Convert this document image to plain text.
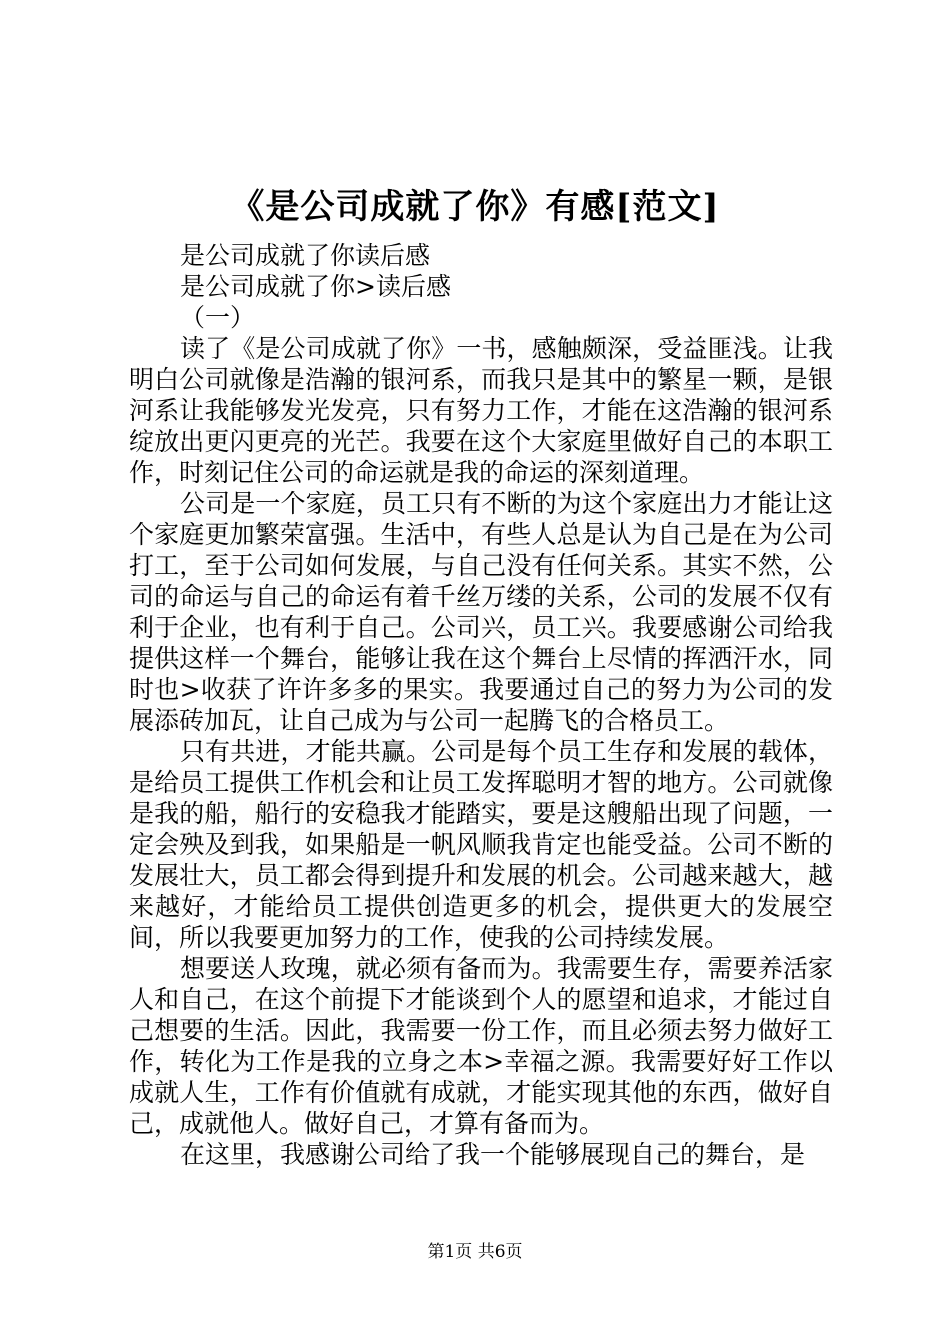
《是公司成就了你》有感[范文]
是公司成就了你读后感
是公司成就了你>读后感
（一）

读了《是公司成就了你》一书，感触颇深，受益匪浅。让我明白公司就像是浩瀚的银河系，而我只是其中的繁星一颗，是银河系让我能够发光发亮，只有努力工作，才能在这浩瀚的银河系绽放出更闪更亮的光芒。我要在这个大家庭里做好自己的本职工作，时刻记住公司的命运就是我的命运的深刻道理。

公司是一个家庭，员工只有不断的为这个家庭出力才能让这个家庭更加繁荣富强。生活中，有些人总是认为自己是在为公司打工，至于公司如何发展，与自己没有任何关系。其实不然，公司的命运与自己的命运有着千丝万缕的关系，公司的发展不仅有利于企业，也有利于自己。公司兴，员工兴。我要感谢公司给我提供这样一个舞台，能够让我在这个舞台上尽情的挥洒汗水，同时也>收获了许许多多的果实。我要通过自己的努力为公司的发展添砖加瓦，让自己成为与公司一起腾飞的合格员工。

只有共进，才能共赢。公司是每个员工生存和发展的载体，是给员工提供工作机会和让员工发挥聪明才智的地方。公司就像是我的船，船行的安稳我才能踏实，要是这艘船出现了问题，一定会殃及到我，如果船是一帆风顺我肯定也能受益。公司不断的发展壮大，员工都会得到提升和发展的机会。公司越来越大，越来越好，才能给员工提供创造更多的机会，提供更大的发展空间，所以我要更加努力的工作，使我的公司持续发展。

想要送人玫瑰，就必须有备而为。我需要生存，需要养活家人和自己，在这个前提下才能谈到个人的愿望和追求，才能过自己想要的生活。因此，我需要一份工作，而且必须去努力做好工作，转化为工作是我的立身之本>幸福之源。我需要好好工作以成就人生，工作有价值就有成就，才能实现其他的东西，做好自己，成就他人。做好自己，才算有备而为。

在这里，我感谢公司给了我一个能够展现自己的舞台，是

第1页 共6页
